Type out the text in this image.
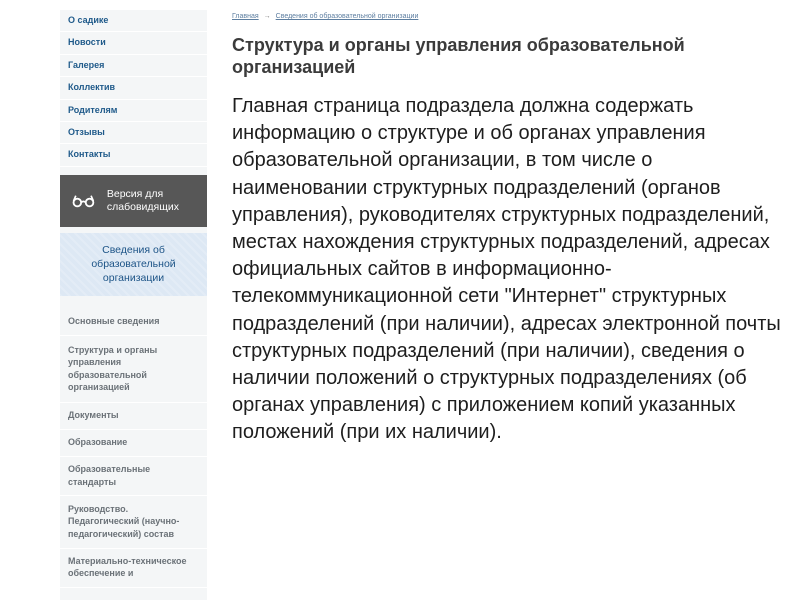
О садике
Новости
Галерея
Коллектив
Родителям
Отзывы
Контакты
Версия для слабовидящих
Сведения об образовательной организации
Основные сведения
Структура и органы управления образовательной организацией
Документы
Образование
Образовательные стандарты
Руководство. Педагогический (научно-педагогический) состав
Материально-техническое обеспечение и
Главная → Сведения об образовательной организации
Структура и органы управления образовательной организацией

Главная страница подраздела должна содержать информацию о структуре и об органах управления образовательной организации, в том числе о наименовании структурных подразделений (органов управления), руководителях структурных подразделений, местах нахождения структурных подразделений, адресах официальных сайтов в информационно-телекоммуникационной сети "Интернет" структурных подразделений (при наличии), адресах электронной почты структурных подразделений (при наличии), сведения о наличии положений о структурных подразделениях (об органах управления) с приложением копий указанных положений (при их наличии).
